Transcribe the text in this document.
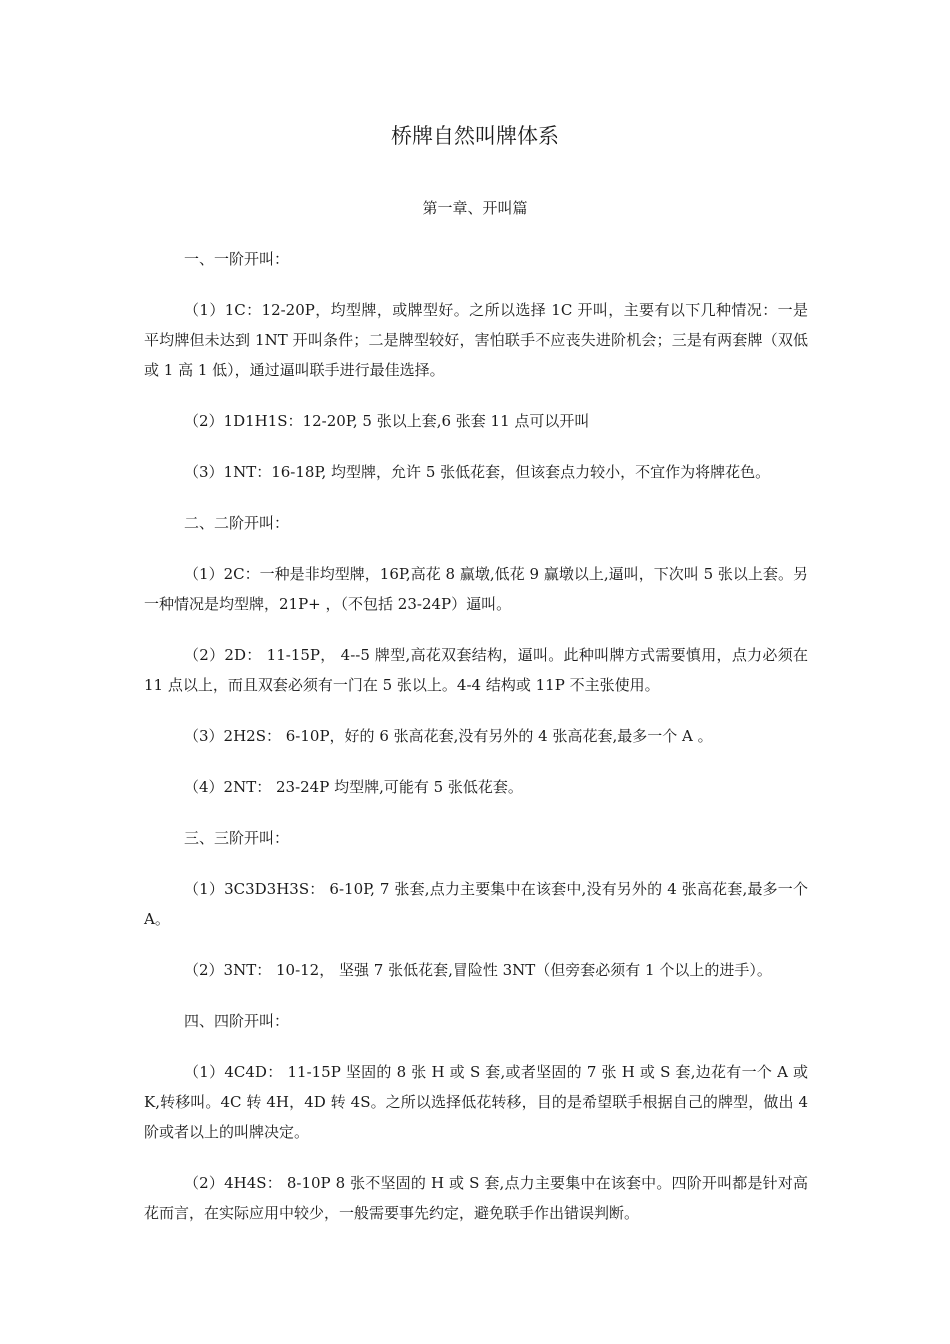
桥牌自然叫牌体系
第一章、开叫篇
一、一阶开叫：

（1）1C：12-20P，均型牌，或牌型好。之所以选择 1C 开叫，主要有以下几种情况：一是平均牌但未达到 1NT 开叫条件；二是牌型较好，害怕联手不应丧失进阶机会；三是有两套牌（双低或 1 高 1 低），通过逼叫联手进行最佳选择。

（2）1D1H1S：12-20P, 5 张以上套,6 张套 11 点可以开叫

（3）1NT：16-18P, 均型牌，允许 5 张低花套，但该套点力较小，不宜作为将牌花色。

二、二阶开叫：

（1）2C：一种是非均型牌，16P,高花 8 赢墩,低花 9 赢墩以上,逼叫，下次叫 5 张以上套。另一种情况是均型牌，21P+ ，（不包括 23-24P）逼叫。

（2）2D： 11-15P， 4--5 牌型,高花双套结构，逼叫。此种叫牌方式需要慎用，点力必须在 11 点以上，而且双套必须有一门在 5 张以上。4-4 结构或 11P 不主张使用。

（3）2H2S： 6-10P，好的 6 张高花套,没有另外的 4 张高花套,最多一个 A 。

（4）2NT： 23-24P 均型牌,可能有 5 张低花套。

三、三阶开叫：

（1）3C3D3H3S： 6-10P, 7 张套,点力主要集中在该套中,没有另外的 4 张高花套,最多一个 A。

（2）3NT： 10-12， 坚强 7 张低花套,冒险性 3NT（但旁套必须有 1 个以上的进手）。

四、四阶开叫：

（1）4C4D： 11-15P 坚固的 8 张 H 或 S 套,或者坚固的 7 张 H 或 S 套,边花有一个 A 或 K,转移叫。4C 转 4H，4D 转 4S。之所以选择低花转移，目的是希望联手根据自己的牌型，做出 4 阶或者以上的叫牌决定。

（2）4H4S： 8-10P 8 张不坚固的 H 或 S 套,点力主要集中在该套中。四阶开叫都是针对高花而言，在实际应用中较少，一般需要事先约定，避免联手作出错误判断。
